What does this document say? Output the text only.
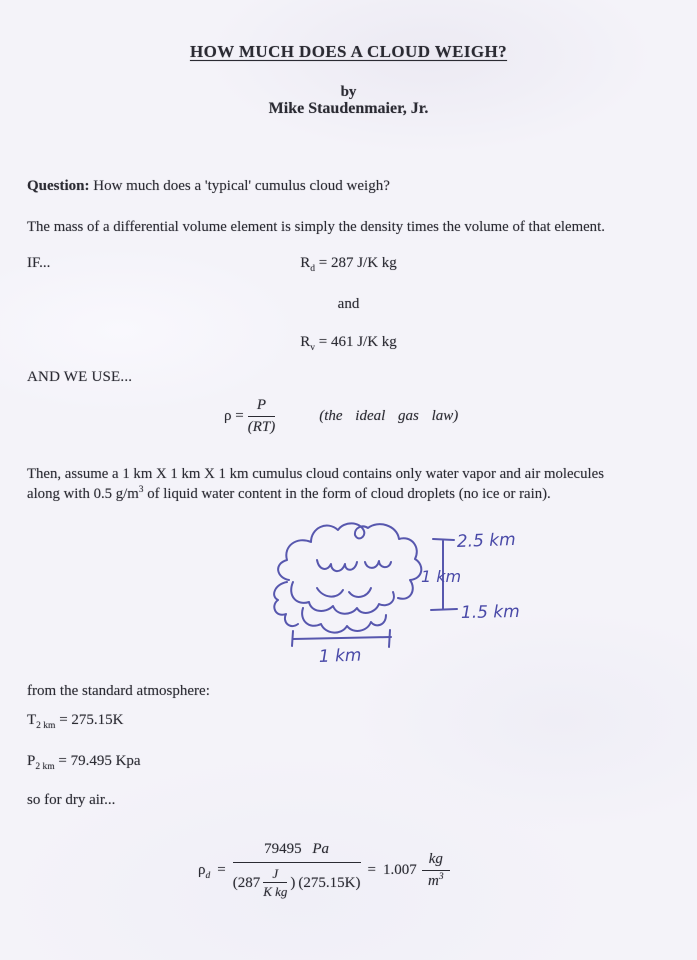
HOW MUCH DOES A CLOUD WEIGH?
by
Mike Staudenmaier, Jr.
Question: How much does a 'typical' cumulus cloud weigh?
The mass of a differential volume element is simply the density times the volume of that element.
IF...	$R_d = 287$ J/K kg
and
$R_v = 461$ J/K kg
AND WE USE...
$\rho = \frac{P}{(RT)}$	(the ideal gas law)
Then, assume a 1 km X 1 km X 1 km cumulus cloud contains only water vapor and air molecules
along with 0.5 $g/m^3$ of liquid water content in the form of cloud droplets (no ice or rain).
2.5 km
1 km
1.5 km
1 km
from the standard atmosphere:
$T_{2 km} = 275.15K$
$P_{2 km} = 79.495$ Kpa
so for dry air...
$\rho_d$ =
79495 Pa
($287 \frac{J}{\text{K kg}}$ ) (275.15K)
= $1.007 \frac{kg}{m^3}$
